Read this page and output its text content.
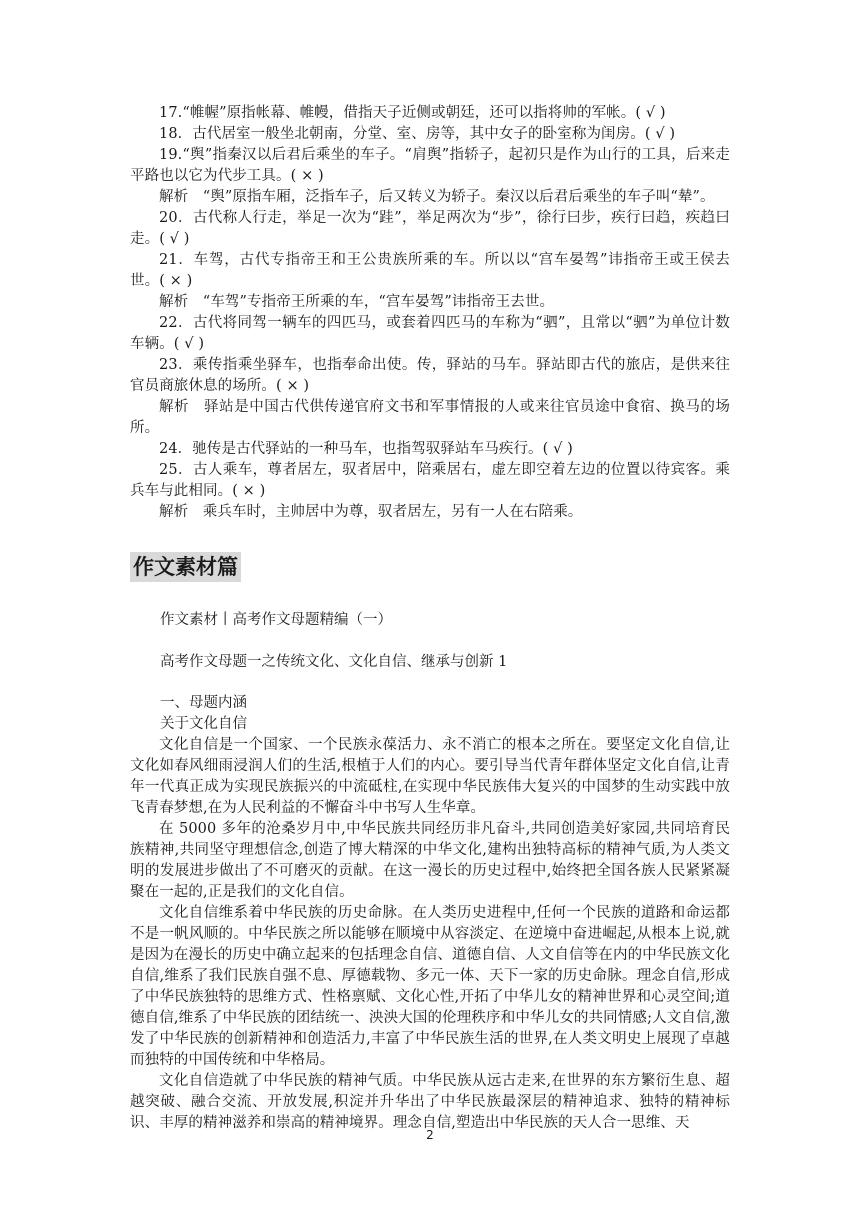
17.“帷幄”原指帐幕、帷幔，借指天子近侧或朝廷，还可以指将帅的军帐。( √ )

18．古代居室一般坐北朝南，分堂、室、房等，其中女子的卧室称为闺房。( √ )

19.“舆”指秦汉以后君后乘坐的车子。“肩舆”指轿子，起初只是作为山行的工具，后来走平路也以它为代步工具。( × )

解析　“舆”原指车厢，泛指车子，后又转义为轿子。秦汉以后君后乘坐的车子叫“辇”。

20．古代称人行走，举足一次为“跬”，举足两次为“步”，徐行曰步，疾行曰趋，疾趋曰走。( √ )

21．车驾，古代专指帝王和王公贵族所乘的车。所以以“宫车晏驾”讳指帝王或王侯去世。( × )

解析　“车驾”专指帝王所乘的车，“宫车晏驾”讳指帝王去世。

22．古代将同驾一辆车的四匹马，或套着四匹马的车称为“驷”，且常以“驷”为单位计数车辆。( √ )

23．乘传指乘坐驿车，也指奉命出使。传，驿站的马车。驿站即古代的旅店，是供来往官员商旅休息的场所。( × )

解析　驿站是中国古代供传递官府文书和军事情报的人或来往官员途中食宿、换马的场所。

24．驰传是古代驿站的一种马车，也指驾驭驿站车马疾行。( √ )

25．古人乘车，尊者居左，驭者居中，陪乘居右，虚左即空着左边的位置以待宾客。乘兵车与此相同。( × )

解析　乘兵车时，主帅居中为尊，驭者居左，另有一人在右陪乘。

作文素材篇
作文素材丨高考作文母题精编（一）
高考作文母题一之传统文化、文化自信、继承与创新 1
一、母题内涵
关于文化自信

文化自信是一个国家、一个民族永葆活力、永不消亡的根本之所在。要坚定文化自信,让文化如春风细雨浸润人们的生活,根植于人们的内心。要引导当代青年群体坚定文化自信,让青年一代真正成为实现民族振兴的中流砥柱,在实现中华民族伟大复兴的中国梦的生动实践中放飞青春梦想,在为人民利益的不懈奋斗中书写人生华章。

在 5000 多年的沧桑岁月中,中华民族共同经历非凡奋斗,共同创造美好家园,共同培育民族精神,共同坚守理想信念,创造了博大精深的中华文化,建构出独特高标的精神气质,为人类文明的发展进步做出了不可磨灭的贡献。在这一漫长的历史过程中,始终把全国各族人民紧紧凝聚在一起的,正是我们的文化自信。

文化自信维系着中华民族的历史命脉。在人类历史进程中,任何一个民族的道路和命运都不是一帆风顺的。中华民族之所以能够在顺境中从容淡定、在逆境中奋进崛起,从根本上说,就是因为在漫长的历史中确立起来的包括理念自信、道德自信、人文自信等在内的中华民族文化自信,维系了我们民族自强不息、厚德载物、多元一体、天下一家的历史命脉。理念自信,形成了中华民族独特的思维方式、性格禀赋、文化心性,开拓了中华儿女的精神世界和心灵空间;道德自信,维系了中华民族的团结统一、泱泱大国的伦理秩序和中华儿女的共同情感;人文自信,激发了中华民族的创新精神和创造活力,丰富了中华民族生活的世界,在人类文明史上展现了卓越而独特的中国传统和中华格局。

文化自信造就了中华民族的精神气质。中华民族从远古走来,在世界的东方繁衍生息、超越突破、融合交流、开放发展,积淀并升华出了中华民族最深层的精神追求、独特的精神标识、丰厚的精神滋养和崇高的精神境界。理念自信,塑造出中华民族的天人合一思维、天

2
